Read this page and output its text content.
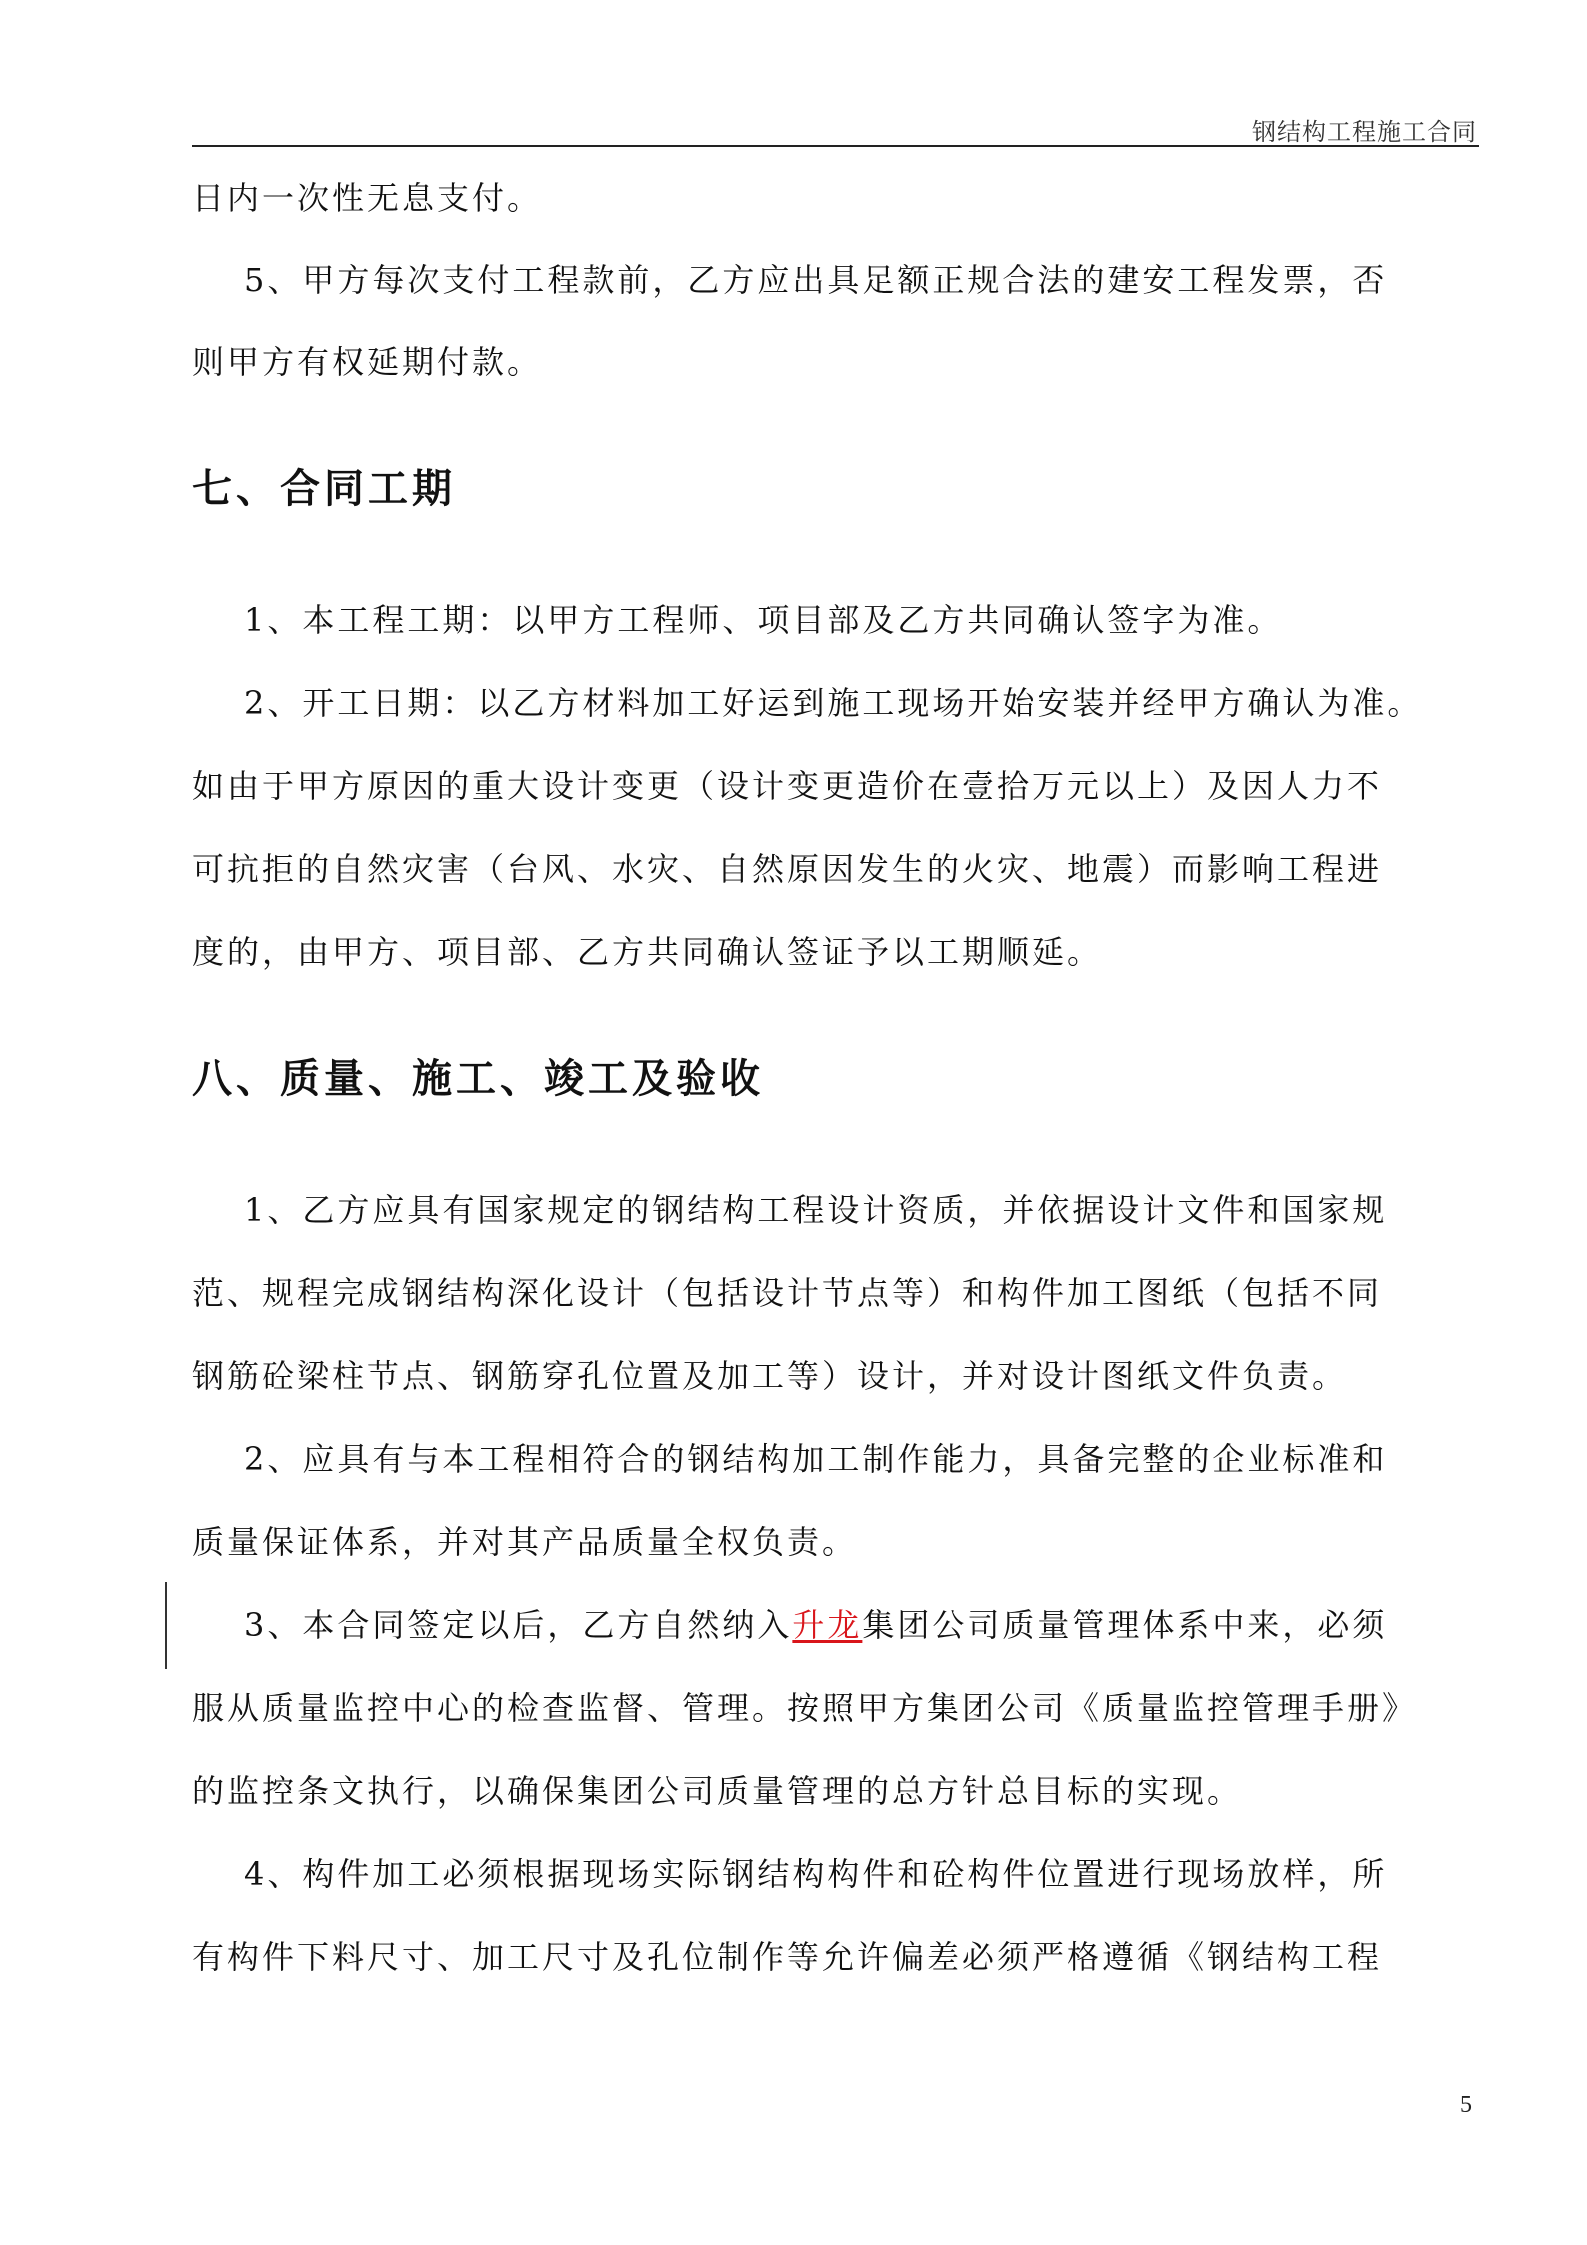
钢结构工程施工合同
日内一次性无息支付。
5、甲方每次支付工程款前，乙方应出具足额正规合法的建安工程发票，否
则甲方有权延期付款。
七、合同工期
1、本工程工期：以甲方工程师、项目部及乙方共同确认签字为准。
2、开工日期：以乙方材料加工好运到施工现场开始安装并经甲方确认为准。
如由于甲方原因的重大设计变更（设计变更造价在壹拾万元以上）及因人力不
可抗拒的自然灾害（台风、水灾、自然原因发生的火灾、地震）而影响工程进
度的，由甲方、项目部、乙方共同确认签证予以工期顺延。
八、质量、施工、竣工及验收
1、乙方应具有国家规定的钢结构工程设计资质，并依据设计文件和国家规
范、规程完成钢结构深化设计（包括设计节点等）和构件加工图纸（包括不同
钢筋砼梁柱节点、钢筋穿孔位置及加工等）设计，并对设计图纸文件负责。
2、应具有与本工程相符合的钢结构加工制作能力，具备完整的企业标准和
质量保证体系，并对其产品质量全权负责。
3、本合同签定以后，乙方自然纳入升龙集团公司质量管理体系中来，必须
服从质量监控中心的检查监督、管理。按照甲方集团公司《质量监控管理手册》
的监控条文执行，以确保集团公司质量管理的总方针总目标的实现。
4、构件加工必须根据现场实际钢结构构件和砼构件位置进行现场放样，所
有构件下料尺寸、加工尺寸及孔位制作等允许偏差必须严格遵循《钢结构工程
5
